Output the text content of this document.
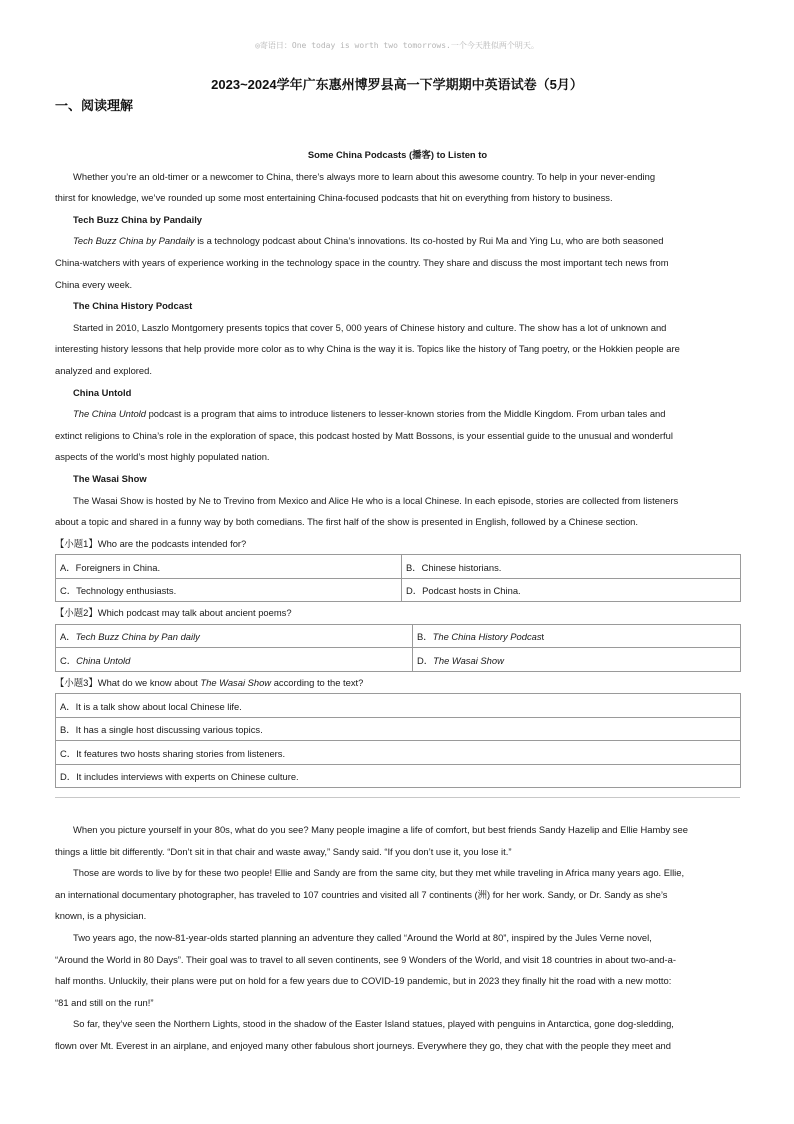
◎寄语日：One today is worth two tomorrows.一个今天胜似两个明天。
2023~2024学年广东惠州博罗县高一下学期期中英语试卷（5月）
一、阅读理解
Some China Podcasts (播客) to Listen to
Whether you’re an old-timer or a newcomer to China, there’s always more to learn about this awesome country. To help in your never-ending
thirst for knowledge, we’ve rounded up some most entertaining China-focused podcasts that hit on everything from history to business.
Tech Buzz China by Pandaily
Tech Buzz China by Pandaily is a technology podcast about China’s innovations. Its co-hosted by Rui Ma and Ying Lu, who are both seasoned
China-watchers with years of experience working in the technology space in the country. They share and discuss the most important tech news from
China every week.
The China History Podcast
Started in 2010, Laszlo Montgomery presents topics that cover 5, 000 years of Chinese history and culture. The show has a lot of unknown and
interesting history lessons that help provide more color as to why China is the way it is. Topics like the history of Tang poetry, or the Hokkien people are
analyzed and explored.
China Untold
The China Untold podcast is a program that aims to introduce listeners to lesser-known stories from the Middle Kingdom. From urban tales and
extinct religions to China’s role in the exploration of space, this podcast hosted by Matt Bossons, is your essential guide to the unusual and wonderful
aspects of the world’s most highly populated nation.
The Wasai Show
The Wasai Show is hosted by Ne to Trevino from Mexico and Alice He who is a local Chinese. In each episode, stories are collected from listeners
about a topic and shared in a funny way by both comedians. The first half of the show is presented in English, followed by a Chinese section.
【小题1】Who are the podcasts intended for?
A．Foreigners in China.	B．Chinese historians.
C．Technology enthusiasts.	D．Podcast hosts in China.
【小题2】Which podcast may talk about ancient poems?
A．Tech Buzz China by Pan daily	B．The China History Podcast
C．China Untold	D．The Wasai Show
【小题3】What do we know about The Wasai Show according to the text?
A．It is a talk show about local Chinese life.
B．It has a single host discussing various topics.
C．It features two hosts sharing stories from listeners.
D．It includes interviews with experts on Chinese culture.
When you picture yourself in your 80s, what do you see? Many people imagine a life of comfort, but best friends Sandy Hazelip and Ellie Hamby see
things a little bit differently. “Don’t sit in that chair and waste away,” Sandy said. “If you don’t use it, you lose it.”
Those are words to live by for these two people! Ellie and Sandy are from the same city, but they met while traveling in Africa many years ago. Ellie,
an international documentary photographer, has traveled to 107 countries and visited all 7 continents (洲) for her work. Sandy, or Dr. Sandy as she’s
known, is a physician.
Two years ago, the now-81-year-olds started planning an adventure they called “Around the World at 80”, inspired by the Jules Verne novel,
“Around the World in 80 Days”. Their goal was to travel to all seven continents, see 9 Wonders of the World, and visit 18 countries in about two-and-a-
half months. Unluckily, their plans were put on hold for a few years due to COVID-19 pandemic, but in 2023 they finally hit the road with a new motto:
“81 and still on the run!”
So far, they’ve seen the Northern Lights, stood in the shadow of the Easter Island statues, played with penguins in Antarctica, gone dog-sledding,
flown over Mt. Everest in an airplane, and enjoyed many other fabulous short journeys. Everywhere they go, they chat with the people they meet and
